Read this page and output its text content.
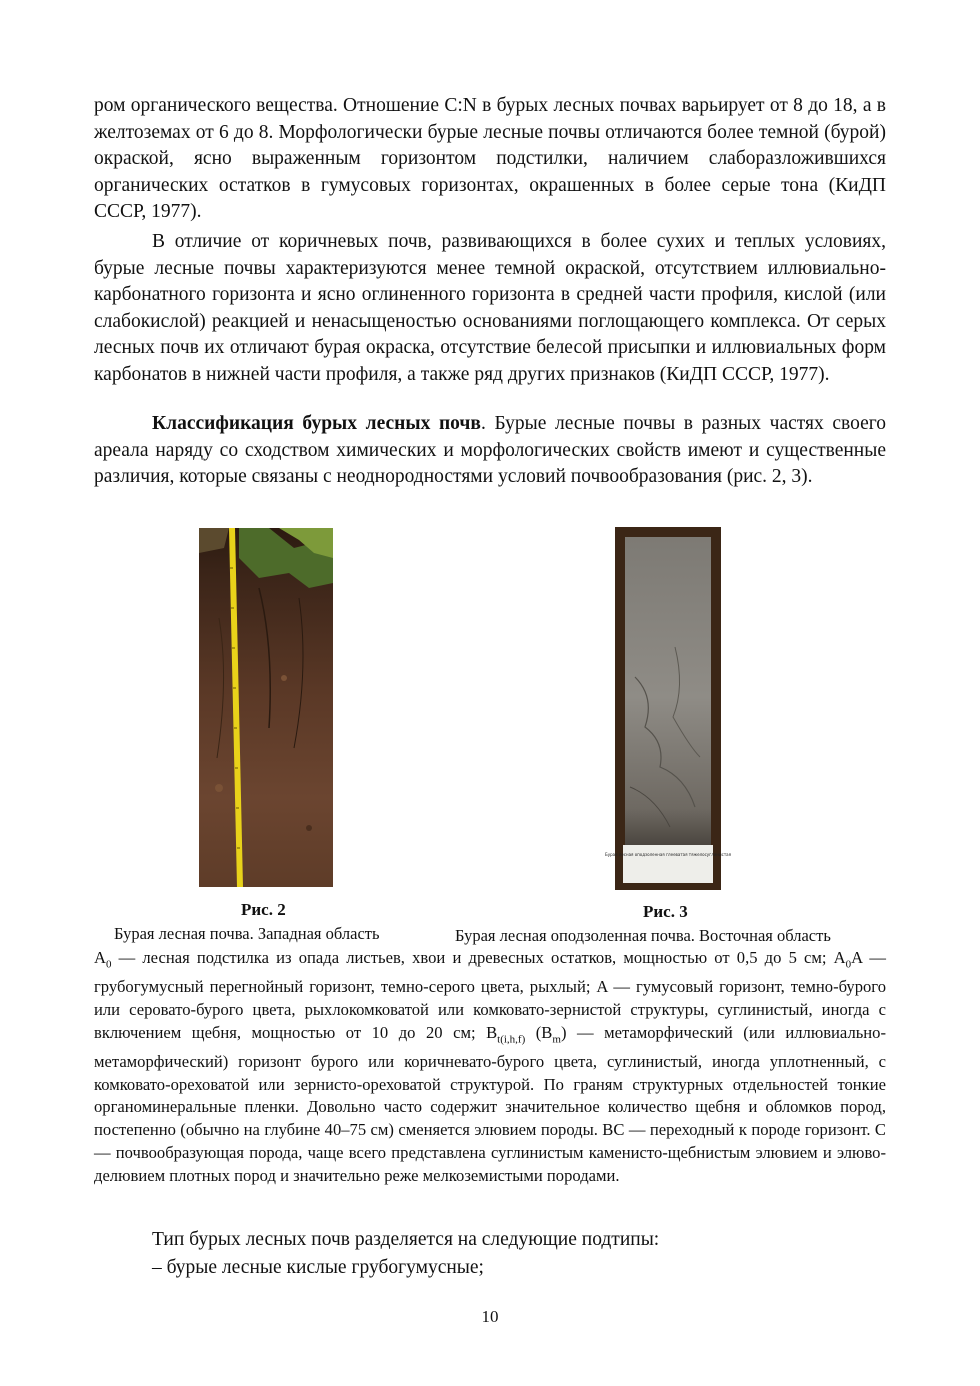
ром органического вещества. Отношение C:N в бурых лесных почвах варьирует от 8 до 18, а в желтоземах от 6 до 8. Морфологически бурые лесные почвы отличаются более темной (бурой) окраской, ясно выраженным горизонтом подстилки, наличием слаборазложившихся органических остатков в гумусовых горизонтах, окрашенных в более серые тона (КиДП СССР, 1977).

В отличие от коричневых почв, развивающихся в более сухих и теплых условиях, бурые лесные почвы характеризуются менее темной окраской, отсутствием иллювиально-карбонатного горизонта и ясно оглиненного горизонта в средней части профиля, кислой (или слабокислой) реакцией и ненасыщеностью основаниями поглощающего комплекса. От серых лесных почв их отличают бурая окраска, отсутствие белесой присыпки и иллювиальных форм карбонатов в нижней части профиля, а также ряд других признаков (КиДП СССР, 1977).

Классификация бурых лесных почв. Бурые лесные почвы в разных частях своего ареала наряду со сходством химических и морфологических свойств имеют и существенные различия, которые связаны с неоднородностями условий почвообразования (рис. 2, 3).

Бурая лесная оподзоленная глееватая тяжелосуглинистая
Рис. 2	Рис. 3
Бурая лесная почва. Западная область	Бурая лесная оподзоленная почва. Восточная область

$A_0$ — лесная подстилка из опада листьев, хвои и древесных остатков, мощностью от 0,5 до 5 см; $A_0A$ — грубогумусный перегнойный горизонт, темно-серого цвета, рыхлый; A — гумусовый горизонт, темно-бурого или серовато-бурого цвета, рыхлокомковатой или комковато-зернистой структуры, суглинистый, иногда с включением щебня, мощностью от 10 до 20 см; $B_{t(i,h,f)}$ $(B_m)$ — метаморфический (или иллювиально-метаморфический) горизонт бурого или коричневато-бурого цвета, суглинистый, иногда уплотненный, с комковато-ореховатой или зернисто-ореховатой структурой. По граням структурных отдельностей тонкие органоминеральные пленки. Довольно часто содержит значительное количество щебня и обломков пород, постепенно (обычно на глубине 40–75 см) сменяется элювием породы. BC — переходный к породе горизонт. C — почвообразующая порода, чаще всего представлена суглинистым каменисто-щебнистым элювием и элюво-делювием плотных пород и значительно реже мелкоземистыми породами.

Тип бурых лесных почв разделяется на следующие подтипы:
– бурые лесные кислые грубогумусные;
10
